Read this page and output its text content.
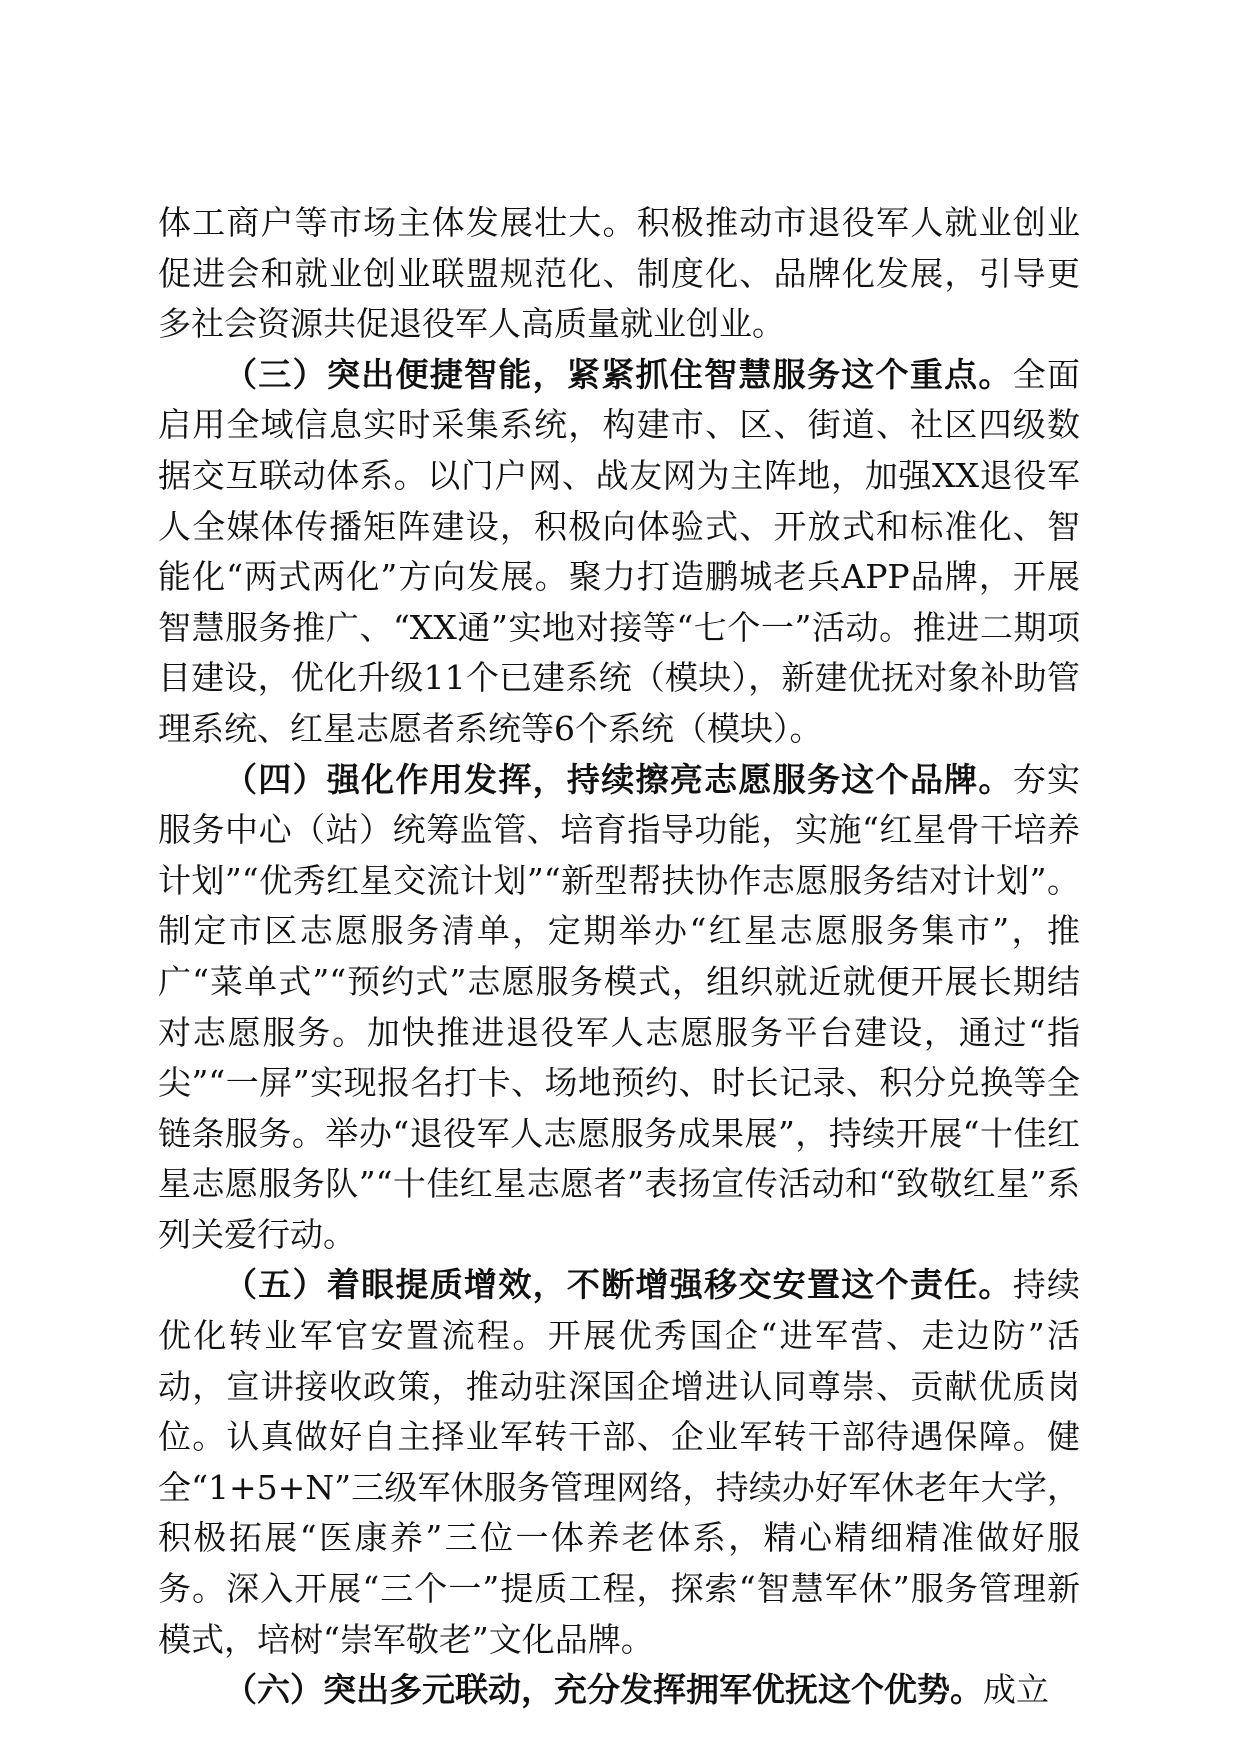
体工商户等市场主体发展壮大。积极推动市退役军人就业创业促进会和就业创业联盟规范化、制度化、品牌化发展，引导更多社会资源共促退役军人高质量就业创业。

（三）突出便捷智能，紧紧抓住智慧服务这个重点。全面启用全域信息实时采集系统，构建市、区、街道、社区四级数据交互联动体系。以门户网、战友网为主阵地，加强XX退役军人全媒体传播矩阵建设，积极向体验式、开放式和标准化、智能化“两式两化”方向发展。聚力打造鹏城老兵APP品牌，开展智慧服务推广、“XX通”实地对接等“七个一”活动。推进二期项目建设，优化升级11个已建系统（模块），新建优抚对象补助管理系统、红星志愿者系统等6个系统（模块）。

（四）强化作用发挥，持续擦亮志愿服务这个品牌。夯实服务中心（站）统筹监管、培育指导功能，实施“红星骨干培养计划”“优秀红星交流计划”“新型帮扶协作志愿服务结对计划”。制定市区志愿服务清单，定期举办“红星志愿服务集市”，推广“菜单式”“预约式”志愿服务模式，组织就近就便开展长期结对志愿服务。加快推进退役军人志愿服务平台建设，通过“指尖”“一屏”实现报名打卡、场地预约、时长记录、积分兑换等全链条服务。举办“退役军人志愿服务成果展”，持续开展“十佳红星志愿服务队”“十佳红星志愿者”表扬宣传活动和“致敬红星”系列关爱行动。

（五）着眼提质增效，不断增强移交安置这个责任。持续优化转业军官安置流程。开展优秀国企“进军营、走边防”活动，宣讲接收政策，推动驻深国企增进认同尊崇、贡献优质岗位。认真做好自主择业军转干部、企业军转干部待遇保障。健全“1+5+N”三级军休服务管理网络，持续办好军休老年大学，积极拓展“医康养”三位一体养老体系，精心精细精准做好服务。深入开展“三个一”提质工程，探索“智慧军休”服务管理新模式，培树“崇军敬老”文化品牌。

（六）突出多元联动，充分发挥拥军优抚这个优势。成立
